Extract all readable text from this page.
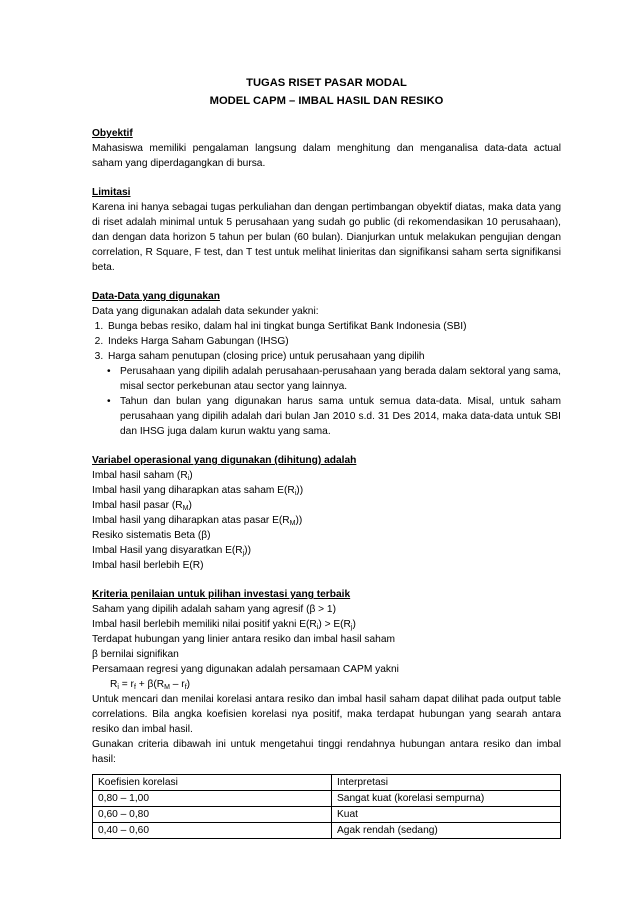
TUGAS RISET PASAR MODAL
MODEL CAPM – IMBAL HASIL DAN RESIKO
Obyektif
Mahasiswa memiliki pengalaman langsung dalam menghitung dan menganalisa data-data actual saham yang diperdagangkan di bursa.
Limitasi
Karena ini hanya sebagai tugas perkuliahan dan dengan pertimbangan obyektif diatas, maka data yang di riset adalah minimal untuk 5 perusahaan yang sudah go public (di rekomendasikan 10 perusahaan), dan dengan data horizon 5 tahun per bulan (60 bulan). Dianjurkan untuk melakukan pengujian dengan correlation, R Square, F test, dan T test untuk melihat linieritas dan signifikansi saham serta signifikansi beta.
Data-Data yang digunakan
Data yang digunakan adalah data sekunder yakni:
1. Bunga bebas resiko, dalam hal ini tingkat bunga Sertifikat Bank Indonesia (SBI)
2. Indeks Harga Saham Gabungan (IHSG)
3. Harga saham penutupan (closing price) untuk perusahaan yang dipilih
• Perusahaan yang dipilih adalah perusahaan-perusahaan yang berada dalam sektoral yang sama, misal sector perkebunan atau sector yang lainnya.
• Tahun dan bulan yang digunakan harus sama untuk semua data-data. Misal, untuk saham perusahaan yang dipilih adalah dari bulan Jan 2010 s.d. 31 Des 2014, maka data-data untuk SBI dan IHSG juga dalam kurun waktu yang sama.
Variabel operasional yang digunakan (dihitung) adalah
Imbal hasil saham $(R_i)$
Imbal hasil yang diharapkan atas saham $E(R_i)$)
Imbal hasil pasar $(R_M)$
Imbal hasil yang diharapkan atas pasar $E(R_M)$)
Resiko sistematis Beta (β)
Imbal Hasil yang disyaratkan $E(R_j)$)
Imbal hasil berlebih E(R)
Kriteria penilaian untuk pilihan investasi yang terbaik
Saham yang dipilih adalah saham yang agresif (β > 1)
Imbal hasil berlebih memiliki nilai positif yakni $E(R_i) > E(R_j)$
Terdapat hubungan yang linier antara resiko dan imbal hasil saham
β bernilai signifikan
Persamaan regresi yang digunakan adalah persamaan CAPM yakni
$R_i = r_f + \beta(R_M - r_f)$
Untuk mencari dan menilai korelasi antara resiko dan imbal hasil saham dapat dilihat pada output table correlations. Bila angka koefisien korelasi nya positif, maka terdapat hubungan yang searah antara resiko dan imbal hasil.
Gunakan criteria dibawah ini untuk mengetahui tinggi rendahnya hubungan antara resiko dan imbal hasil:
Koefisien korelasi	Interpretasi
0,80 – 1,00	Sangat kuat (korelasi sempurna)
0,60 – 0,80	Kuat
0,40 – 0,60	Agak rendah (sedang)
